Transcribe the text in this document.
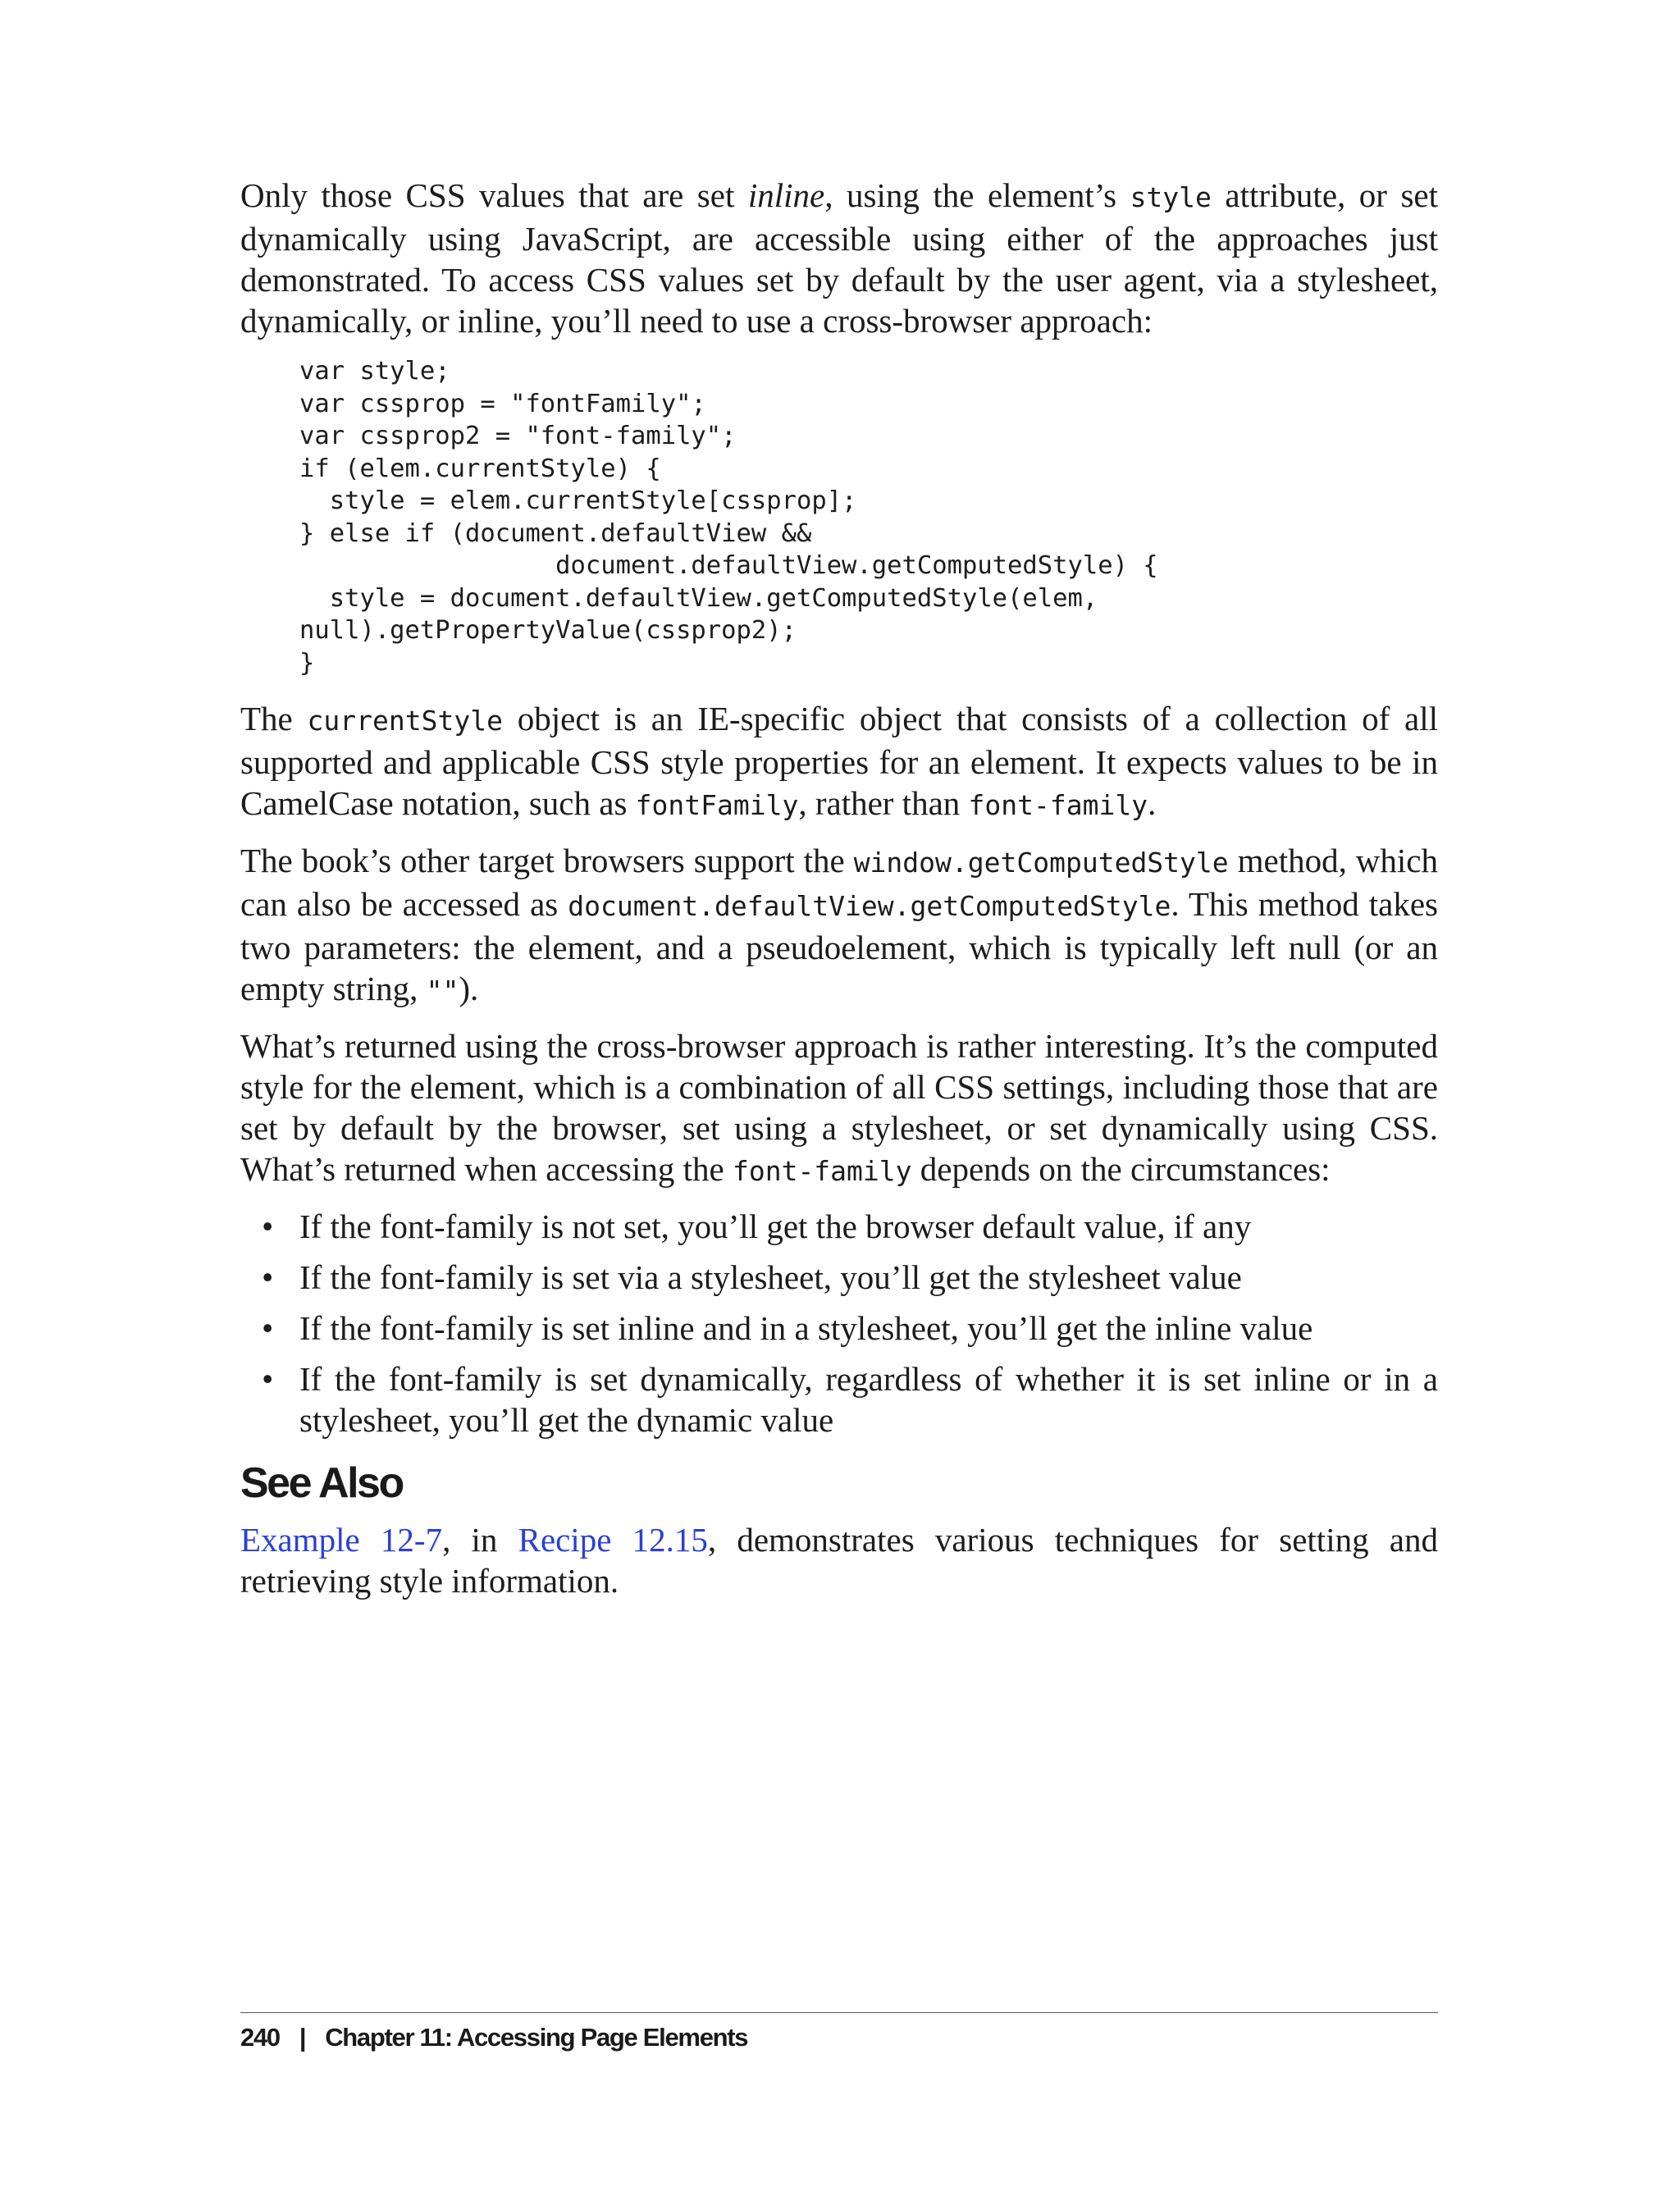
Only those CSS values that are set inline, using the element’s style attribute, or set dynamically using JavaScript, are accessible using either of the approaches just demonstrated. To access CSS values set by default by the user agent, via a stylesheet, dynamically, or inline, you’ll need to use a cross-browser approach:

var style;
var cssprop = "fontFamily";
var cssprop2 = "font-family";
if (elem.currentStyle) {
style = elem.currentStyle[cssprop];
} else if (document.defaultView &&
document.defaultView.getComputedStyle) {
style = document.defaultView.getComputedStyle(elem,
null).getPropertyValue(cssprop2);
}

The currentStyle object is an IE-specific object that consists of a collection of all supported and applicable CSS style properties for an element. It expects values to be in CamelCase notation, such as fontFamily, rather than font-family.

The book’s other target browsers support the window.getComputedStyle method, which can also be accessed as document.defaultView.getComputedStyle. This method takes two parameters: the element, and a pseudoelement, which is typically left null (or an empty string, "").

What’s returned using the cross-browser approach is rather interesting. It’s the computed style for the element, which is a combination of all CSS settings, including those that are set by default by the browser, set using a stylesheet, or set dynamically using CSS. What’s returned when accessing the font-family depends on the circumstances:

• If the font-family is not set, you’ll get the browser default value, if any
• If the font-family is set via a stylesheet, you’ll get the stylesheet value
• If the font-family is set inline and in a stylesheet, you’ll get the inline value
• If the font-family is set dynamically, regardless of whether it is set inline or in a stylesheet, you’ll get the dynamic value
See Also

Example 12-7, in Recipe 12.15, demonstrates various techniques for setting and retrieving style information.

240 | Chapter 11: Accessing Page Elements
